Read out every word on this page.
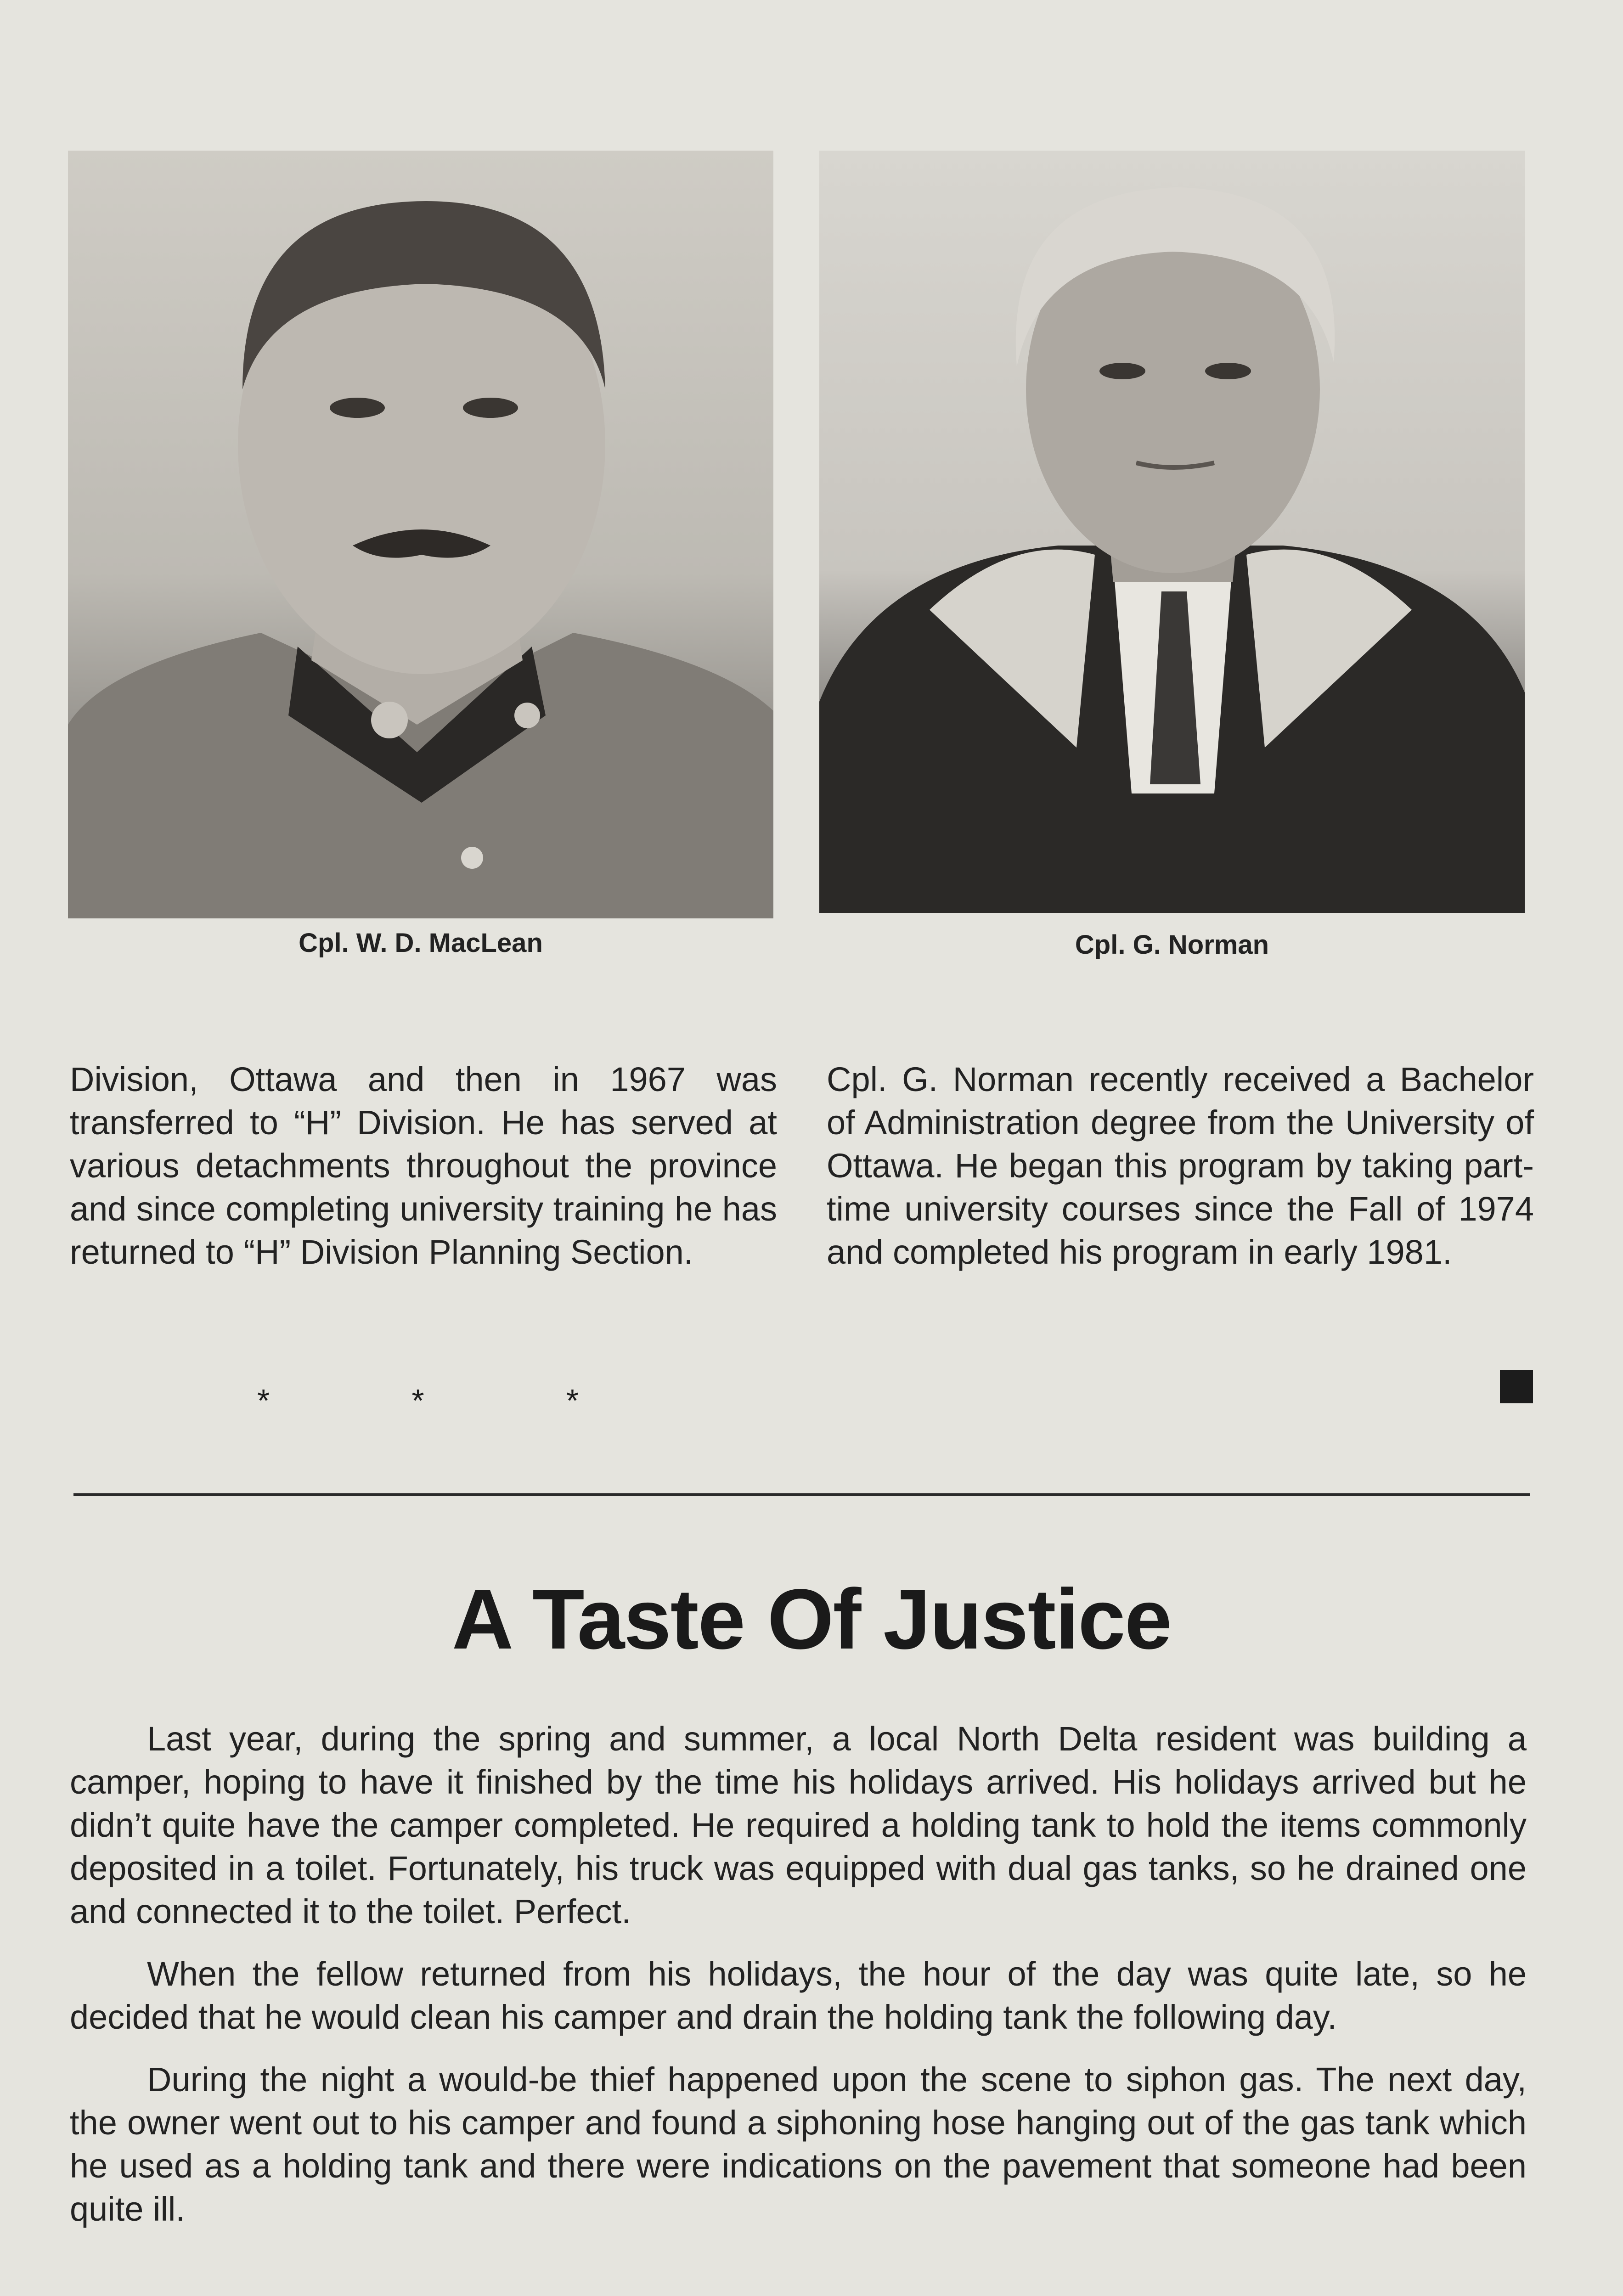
Cpl. W. D. MacLean	Cpl. G. Norman

Division, Ottawa and then in 1967 was transferred to “H” Division. He has served at various detachments throughout the province and since completing university training he has returned to “H” Division Planning Section.

Cpl. G. Norman recently received a Bachelor of Administration degree from the University of Ottawa. He began this program by taking part-time university courses since the Fall of 1974 and completed his program in early 1981.

*	*	*
A Taste Of Justice

Last year, during the spring and summer, a local North Delta resident was building a camper, hoping to have it finished by the time his holidays arrived. His holidays arrived but he didn’t quite have the camper completed. He required a holding tank to hold the items commonly deposited in a toilet. Fortunately, his truck was equipped with dual gas tanks, so he drained one and connected it to the toilet. Perfect.

When the fellow returned from his holidays, the hour of the day was quite late, so he decided that he would clean his camper and drain the holding tank the following day.

During the night a would-be thief happened upon the scene to siphon gas. The next day, the owner went out to his camper and found a siphoning hose hanging out of the gas tank which he used as a holding tank and there were indications on the pavement that someone had been quite ill.
